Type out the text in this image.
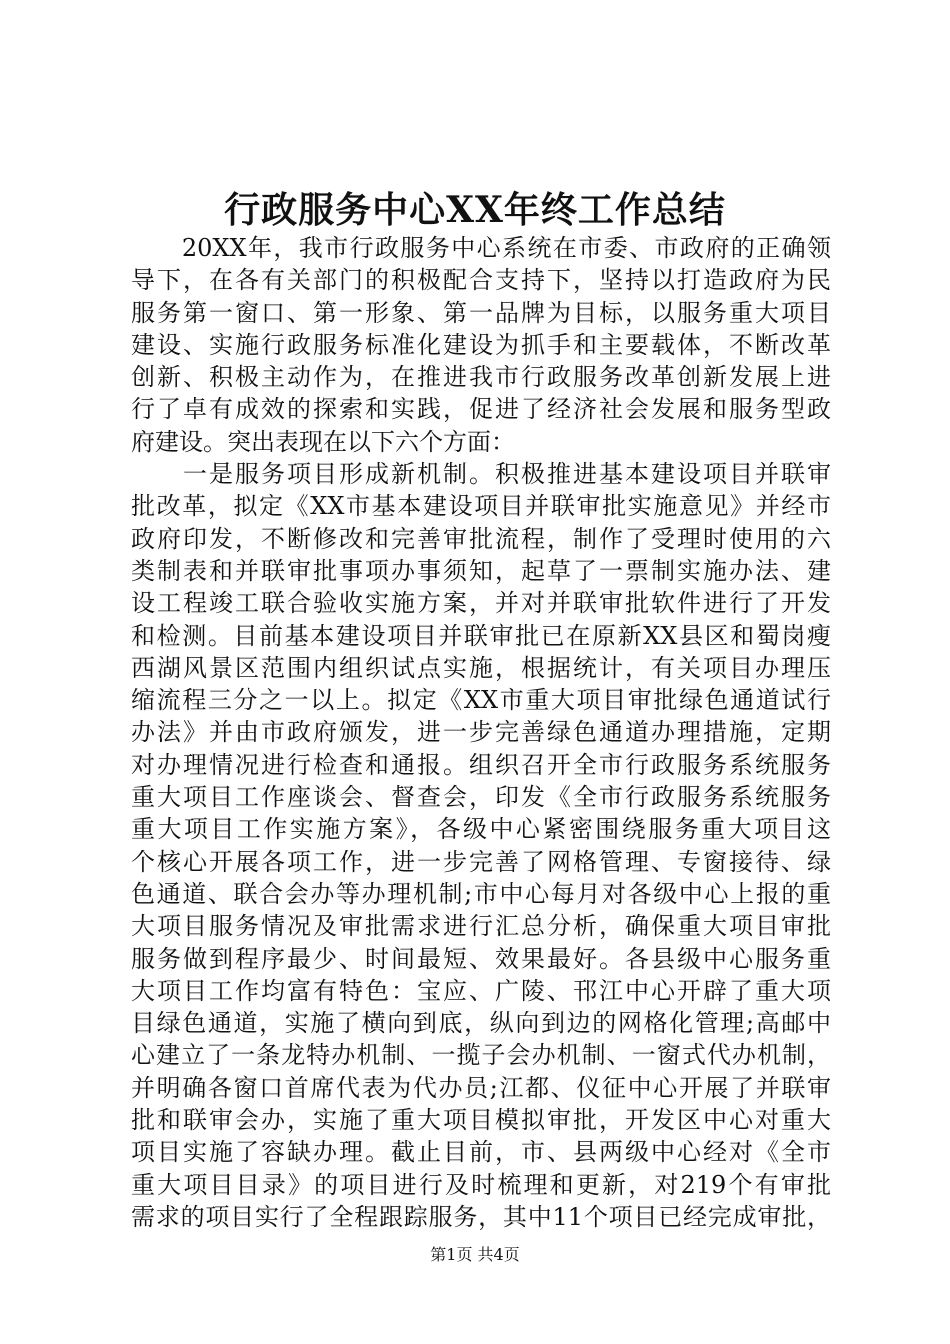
行政服务中心XX年终工作总结
　　20XX年，我市行政服务中心系统在市委、市政府的正确领
导下，在各有关部门的积极配合支持下，坚持以打造政府为民
服务第一窗口、第一形象、第一品牌为目标，以服务重大项目
建设、实施行政服务标准化建设为抓手和主要载体，不断改革
创新、积极主动作为，在推进我市行政服务改革创新发展上进
行了卓有成效的探索和实践，促进了经济社会发展和服务型政
府建设。突出表现在以下六个方面：
　　一是服务项目形成新机制。积极推进基本建设项目并联审
批改革，拟定《XX市基本建设项目并联审批实施意见》并经市
政府印发，不断修改和完善审批流程，制作了受理时使用的六
类制表和并联审批事项办事须知，起草了一票制实施办法、建
设工程竣工联合验收实施方案，并对并联审批软件进行了开发
和检测。目前基本建设项目并联审批已在原新XX县区和蜀岗瘦
西湖风景区范围内组织试点实施，根据统计，有关项目办理压
缩流程三分之一以上。拟定《XX市重大项目审批绿色通道试行
办法》并由市政府颁发，进一步完善绿色通道办理措施，定期
对办理情况进行检查和通报。组织召开全市行政服务系统服务
重大项目工作座谈会、督查会，印发《全市行政服务系统服务
重大项目工作实施方案》，各级中心紧密围绕服务重大项目这
个核心开展各项工作，进一步完善了网格管理、专窗接待、绿
色通道、联合会办等办理机制;市中心每月对各级中心上报的重
大项目服务情况及审批需求进行汇总分析，确保重大项目审批
服务做到程序最少、时间最短、效果最好。各县级中心服务重
大项目工作均富有特色：宝应、广陵、邗江中心开辟了重大项
目绿色通道，实施了横向到底，纵向到边的网格化管理;高邮中
心建立了一条龙特办机制、一揽子会办机制、一窗式代办机制，
并明确各窗口首席代表为代办员;江都、仪征中心开展了并联审
批和联审会办，实施了重大项目模拟审批，开发区中心对重大
项目实施了容缺办理。截止目前，市、县两级中心经对《全市
重大项目目录》的项目进行及时梳理和更新，对219个有审批
需求的项目实行了全程跟踪服务，其中11个项目已经完成审批，
第1页 共4页
